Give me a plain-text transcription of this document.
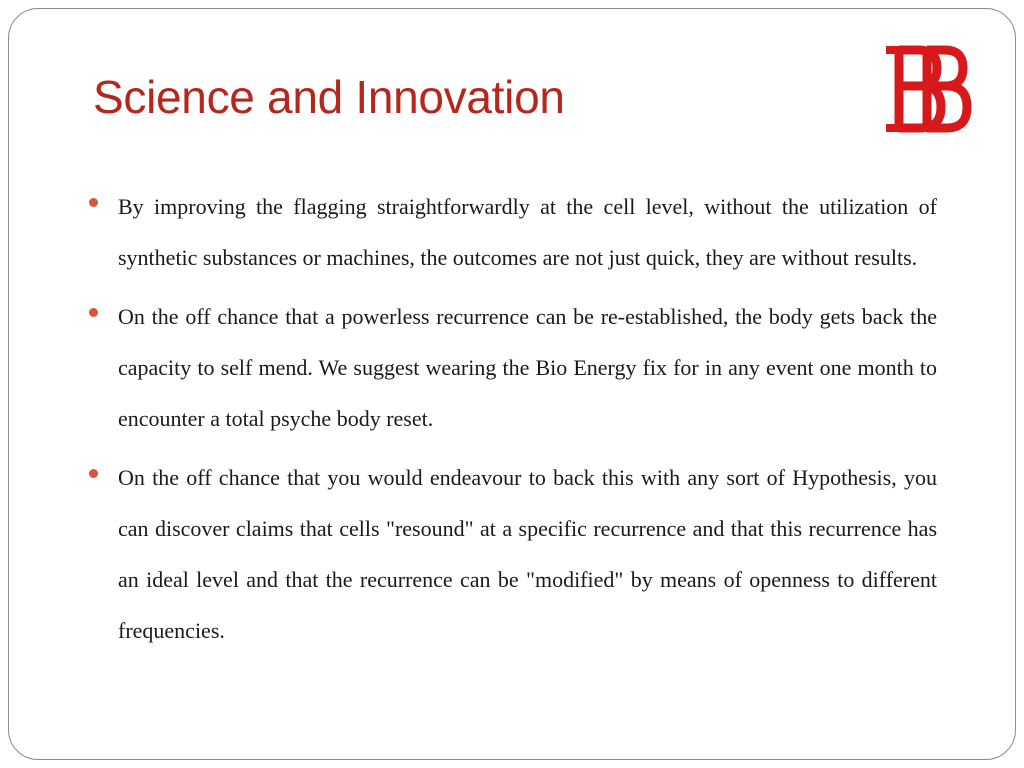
Science and Innovation
By improving the flagging straightforwardly at the cell level, without the utilization of synthetic substances or machines, the outcomes are not just quick, they are without results.
On the off chance that a powerless recurrence can be re-established, the body gets back the capacity to self mend. We suggest wearing the Bio Energy fix for in any event one month to encounter a total psyche body reset.
On the off chance that you would endeavour to back this with any sort of Hypothesis, you can discover claims that cells "resound" at a specific recurrence and that this recurrence has an ideal level and that the recurrence can be "modified" by means of openness to different frequencies.
